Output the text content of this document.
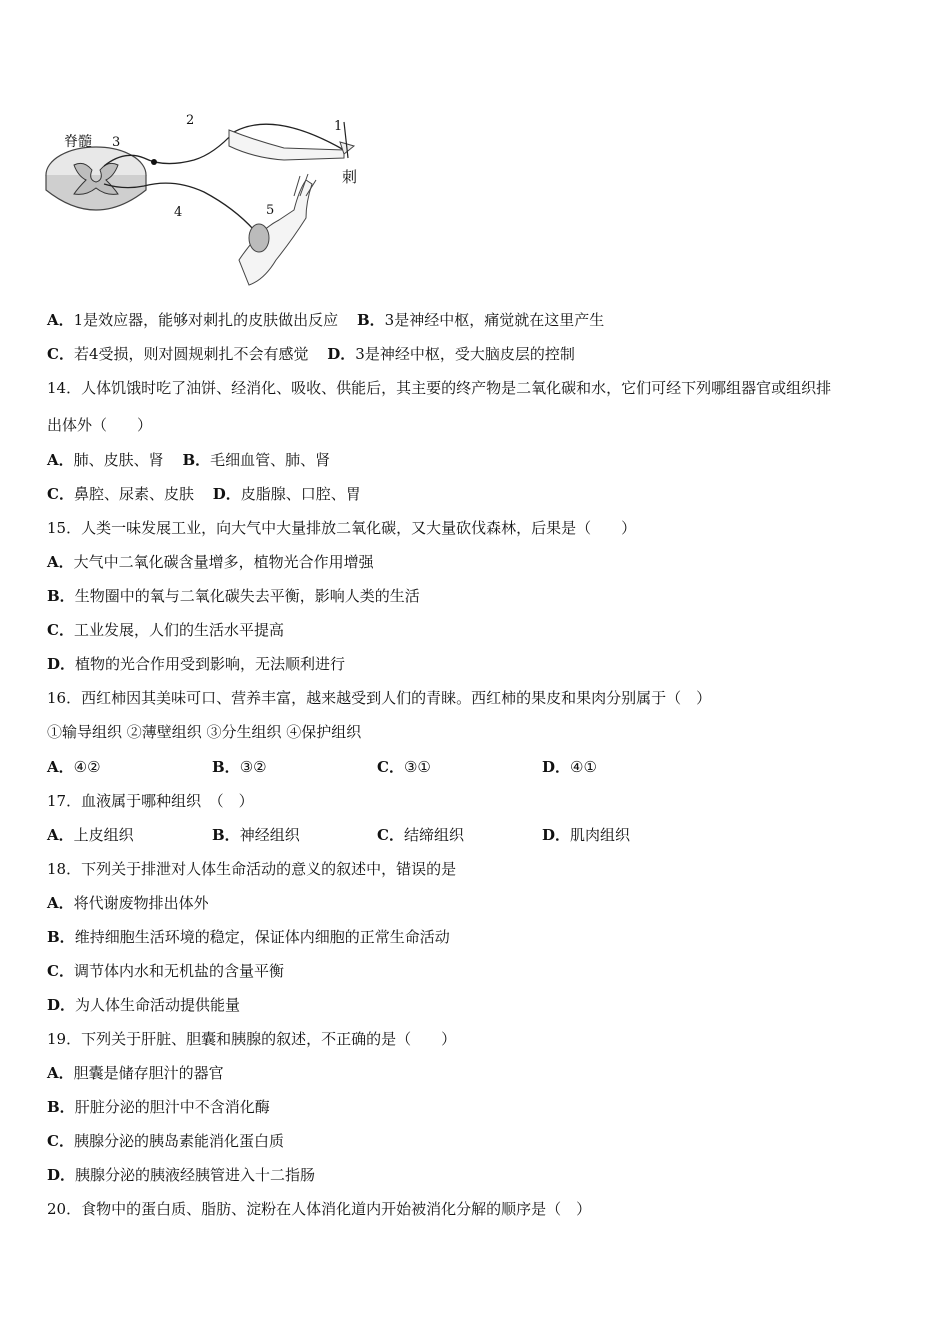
脊髓 3
2	1
刺
4	5
A．1是效应器，能够对刺扎的皮肤做出反应 B．3是神经中枢，痛觉就在这里产生
C．若4受损，则对圆规刺扎不会有感觉 D．3是神经中枢，受大脑皮层的控制
14．人体饥饿时吃了油饼、经消化、吸收、供能后，其主要的终产物是二氧化碳和水，它们可经下列哪组器官或组织排
出体外（　　）
A．肺、皮肤、肾 B．毛细血管、肺、肾
C．鼻腔、尿素、皮肤 D．皮脂腺、口腔、胃
15．人类一味发展工业，向大气中大量排放二氧化碳，又大量砍伐森林，后果是（　　）
A．大气中二氧化碳含量增多，植物光合作用增强
B．生物圈中的氧与二氧化碳失去平衡，影响人类的生活
C．工业发展，人们的生活水平提高
D．植物的光合作用受到影响，无法顺利进行
16．西红柿因其美味可口、营养丰富，越来越受到人们的青睐。西红柿的果皮和果肉分别属于（　）
①输导组织 ②薄壁组织 ③分生组织 ④保护组织
A．④②	B．③②	C．③①	D．④①
17．血液属于哪种组织　（　）
A．上皮组织	B．神经组织	C．结缔组织	D．肌肉组织
18．下列关于排泄对人体生命活动的意义的叙述中，错误的是
A．将代谢废物排出体外
B．维持细胞生活环境的稳定，保证体内细胞的正常生命活动
C．调节体内水和无机盐的含量平衡
D．为人体生命活动提供能量
19．下列关于肝脏、胆囊和胰腺的叙述，不正确的是（　　）
A．胆囊是储存胆汁的器官
B．肝脏分泌的胆汁中不含消化酶
C．胰腺分泌的胰岛素能消化蛋白质
D．胰腺分泌的胰液经胰管进入十二指肠
20．食物中的蛋白质、脂肪、淀粉在人体消化道内开始被消化分解的顺序是（　）
